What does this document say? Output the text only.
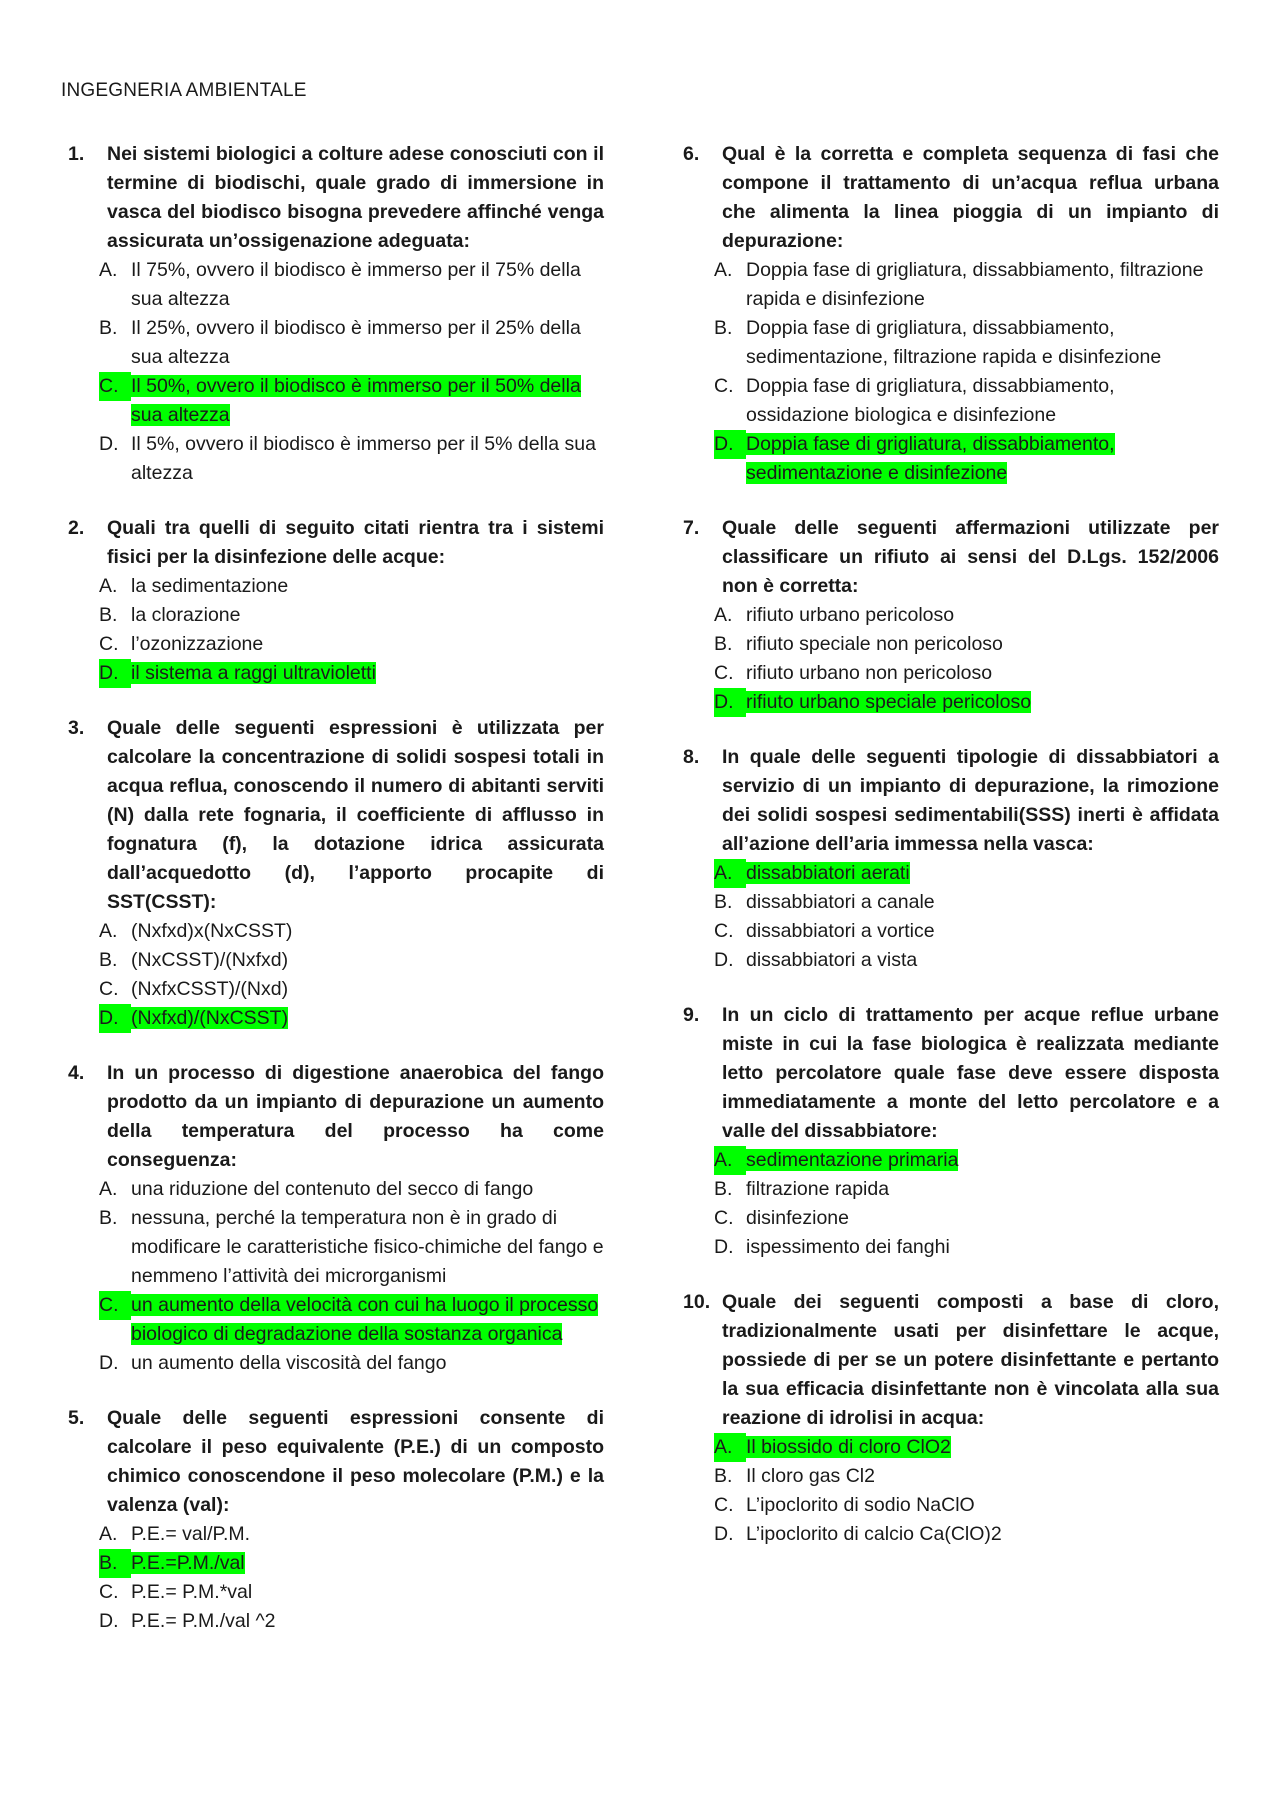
INGEGNERIA AMBIENTALE
1.	Nei sistemi biologici a colture adese conosciuti con il termine di biodischi, quale grado di immersione in vasca del biodisco bisogna prevedere affinché venga assicurata un’ossigenazione adeguata:
A. Il 75%, ovvero il biodisco è immerso per il 75% della sua altezza
B. Il 25%, ovvero il biodisco è immerso per il 25% della sua altezza
C. Il 50%, ovvero il biodisco è immerso per il 50% della sua altezza
D. Il 5%, ovvero il biodisco è immerso per il 5% della sua altezza
2.	Quali tra quelli di seguito citati rientra tra i sistemi fisici per la disinfezione delle acque:
A. la sedimentazione
B. la clorazione
C. l’ozonizzazione
D. il sistema a raggi ultravioletti
3.	Quale delle seguenti espressioni è utilizzata per calcolare la concentrazione di solidi sospesi totali in acqua reflua, conoscendo il numero di abitanti serviti (N) dalla rete fognaria, il coefficiente di afflusso in fognatura (f), la dotazione idrica assicurata dall’acquedotto (d), l’apporto procapite di SST(CSST):
A. (Nxfxd)x(NxCSST)
B. (NxCSST)/(Nxfxd)
C. (NxfxCSST)/(Nxd)
D. (Nxfxd)/(NxCSST)
4.	In un processo di digestione anaerobica del fango prodotto da un impianto di depurazione un aumento della temperatura del processo ha come conseguenza:
A. una riduzione del contenuto del secco di fango
B. nessuna, perché la temperatura non è in grado di modificare le caratteristiche fisico-chimiche del fango e nemmeno l’attività dei microrganismi
C. un aumento della velocità con cui ha luogo il processo biologico di degradazione della sostanza organica
D. un aumento della viscosità del fango
5.	Quale delle seguenti espressioni consente di calcolare il peso equivalente (P.E.) di un composto chimico conoscendone il peso molecolare (P.M.) e la valenza (val):
A. P.E.= val/P.M.
B. P.E.=P.M./val
C. P.E.= P.M.*val
D. P.E.= P.M./val ^2
6.	Qual è la corretta e completa sequenza di fasi che compone il trattamento di un’acqua reflua urbana che alimenta la linea pioggia di un impianto di depurazione:
A. Doppia fase di grigliatura, dissabbiamento, filtrazione rapida e disinfezione
B. Doppia fase di grigliatura, dissabbiamento, sedimentazione, filtrazione rapida e disinfezione
C. Doppia fase di grigliatura, dissabbiamento, ossidazione biologica e disinfezione
D. Doppia fase di grigliatura, dissabbiamento, sedimentazione e disinfezione
7.	Quale delle seguenti affermazioni utilizzate per classificare un rifiuto ai sensi del D.Lgs. 152/2006 non è corretta:
A. rifiuto urbano pericoloso
B. rifiuto speciale non pericoloso
C. rifiuto urbano non pericoloso
D. rifiuto urbano speciale pericoloso
8.	In quale delle seguenti tipologie di dissabbiatori a servizio di un impianto di depurazione, la rimozione dei solidi sospesi sedimentabili(SSS) inerti è affidata all’azione dell’aria immessa nella vasca:
A. dissabbiatori aerati
B. dissabbiatori a canale
C. dissabbiatori a vortice
D. dissabbiatori a vista
9.	In un ciclo di trattamento per acque reflue urbane miste in cui la fase biologica è realizzata mediante letto percolatore quale fase deve essere disposta immediatamente a monte del letto percolatore e a valle del dissabbiatore:
A. sedimentazione primaria
B. filtrazione rapida
C. disinfezione
D. ispessimento dei fanghi
10. Quale dei seguenti composti a base di cloro, tradizionalmente usati per disinfettare le acque, possiede di per se un potere disinfettante e pertanto la sua efficacia disinfettante non è vincolata alla sua reazione di idrolisi in acqua:
A. Il biossido di cloro ClO2
B. Il cloro gas Cl2
C. L’ipoclorito di sodio NaClO
D. L’ipoclorito di calcio Ca(ClO)2
